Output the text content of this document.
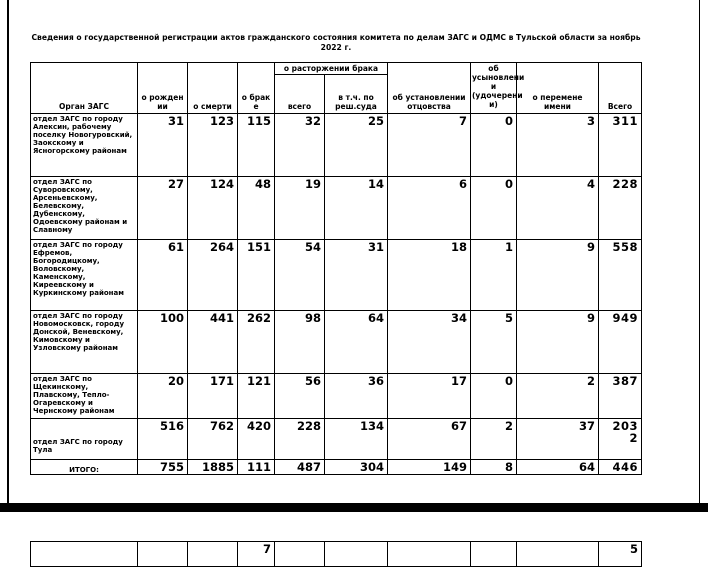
Сведения о государственной регистрации актов гражданского состояния комитета по делам ЗАГС и ОДМС в Тульской области за ноябрь 2022 г.
Орган ЗАГС	о рожден ии	о смерти	о брак е	о расторжении брака		об установлении отцовства	об усыновлени и (удочерени и)	о перемене имени	Всего
				всего	в т.ч. по реш.суда				
отдел ЗАГС по городу Алексин, рабочему поселку Новогуровский, Заокскому и Ясногорскому районам	31	123	115	32	25	7	0	3	311
отдел ЗАГС по Суворовскому, Арсеньевскому, Белевскому, Дубенскому, Одоевскому районам и Славному	27	124	48	19	14	6	0	4	228
отдел ЗАГС по городу Ефремов, Богородицкому, Воловскому, Каменскому, Киреевскому и Куркинскому районам	61	264	151	54	31	18	1	9	558
отдел ЗАГС по городу Новомосковск, городу Донской, Веневскому, Кимовскому и Узловскому районам	100	441	262	98	64	34	5	9	949
отдел ЗАГС по Щекинскому, Плавскому, Тепло-Огаревскому и Чернскому районам	20	171	121	56	36	17	0	2	387
отдел ЗАГС по городу Тула	516	762	420	228	134	67	2	37	203 2
ИТОГО:	755	1885	111	487	304	149	8	64	446
			7						5
